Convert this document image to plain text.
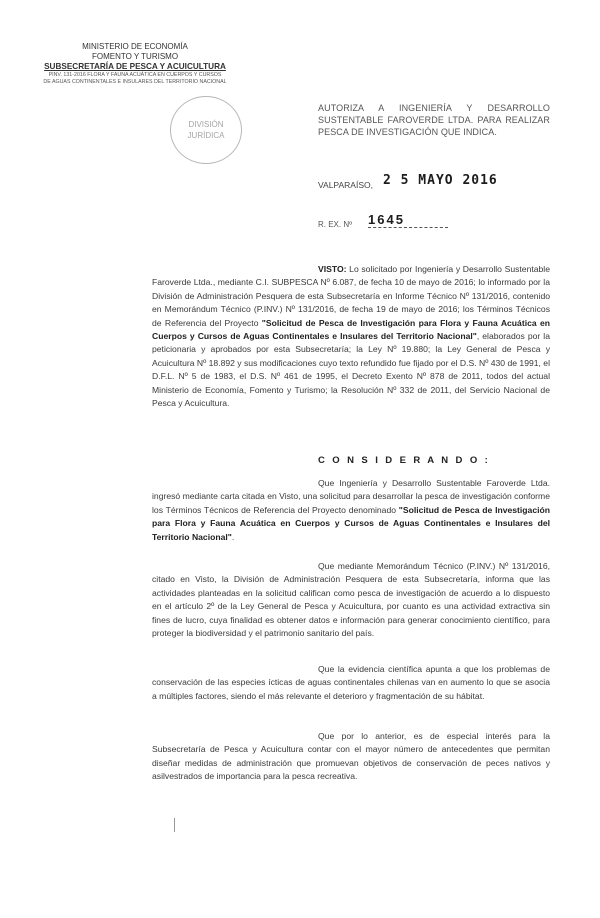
MINISTERIO DE ECONOMÍA
FOMENTO Y TURISMO
SUBSECRETARÍA DE PESCA Y ACUICULTURA
PINV. 131-2016 FLORA Y FAUNA ACUÁTICA EN CUERPOS Y CURSOS
DE AGUAS CONTINENTALES E INSULARES DEL TERRITORIO NACIONAL
DIVISIÓN
JURÍDICA
AUTORIZA A INGENIERÍA Y DESARROLLO SUSTENTABLE FAROVERDE LTDA. PARA REALIZAR PESCA DE INVESTIGACIÓN QUE INDICA.
VALPARAÍSO, 2 5 MAYO 2016
R. EX. Nº 1645
VISTO: Lo solicitado por Ingeniería y Desarrollo Sustentable Faroverde Ltda., mediante C.I. SUBPESCA Nº 6.087, de fecha 10 de mayo de 2016; lo informado por la División de Administración Pesquera de esta Subsecretaría en Informe Técnico Nº 131/2016, contenido en Memorándum Técnico (P.INV.) Nº 131/2016, de fecha 19 de mayo de 2016; los Términos Técnicos de Referencia del Proyecto "Solicitud de Pesca de Investigación para Flora y Fauna Acuática en Cuerpos y Cursos de Aguas Continentales e Insulares del Territorio Nacional", elaborados por la peticionaria y aprobados por esta Subsecretaría; la Ley Nº 19.880; la Ley General de Pesca y Acuicultura Nº 18.892 y sus modificaciones cuyo texto refundido fue fijado por el D.S. Nº 430 de 1991, el D.F.L. Nº 5 de 1983, el D.S. Nº 461 de 1995, el Decreto Exento Nº 878 de 2011, todos del actual Ministerio de Economía, Fomento y Turismo; la Resolución Nº 332 de 2011, del Servicio Nacional de Pesca y Acuicultura.
C O N S I D E R A N D O :
Que Ingeniería y Desarrollo Sustentable Faroverde Ltda. ingresó mediante carta citada en Visto, una solicitud para desarrollar la pesca de investigación conforme los Términos Técnicos de Referencia del Proyecto denominado "Solicitud de Pesca de Investigación para Flora y Fauna Acuática en Cuerpos y Cursos de Aguas Continentales e Insulares del Territorio Nacional".
Que mediante Memorándum Técnico (P.INV.) Nº 131/2016, citado en Visto, la División de Administración Pesquera de esta Subsecretaría, informa que las actividades planteadas en la solicitud califican como pesca de investigación de acuerdo a lo dispuesto en el artículo 2º de la Ley General de Pesca y Acuicultura, por cuanto es una actividad extractiva sin fines de lucro, cuya finalidad es obtener datos e información para generar conocimiento científico, para proteger la biodiversidad y el patrimonio sanitario del país.
Que la evidencia científica apunta a que los problemas de conservación de las especies ícticas de aguas continentales chilenas van en aumento lo que se asocia a múltiples factores, siendo el más relevante el deterioro y fragmentación de su hábitat.
Que por lo anterior, es de especial interés para la Subsecretaría de Pesca y Acuicultura contar con el mayor número de antecedentes que permitan diseñar medidas de administración que promuevan objetivos de conservación de peces nativos y asilvestrados de importancia para la pesca recreativa.
